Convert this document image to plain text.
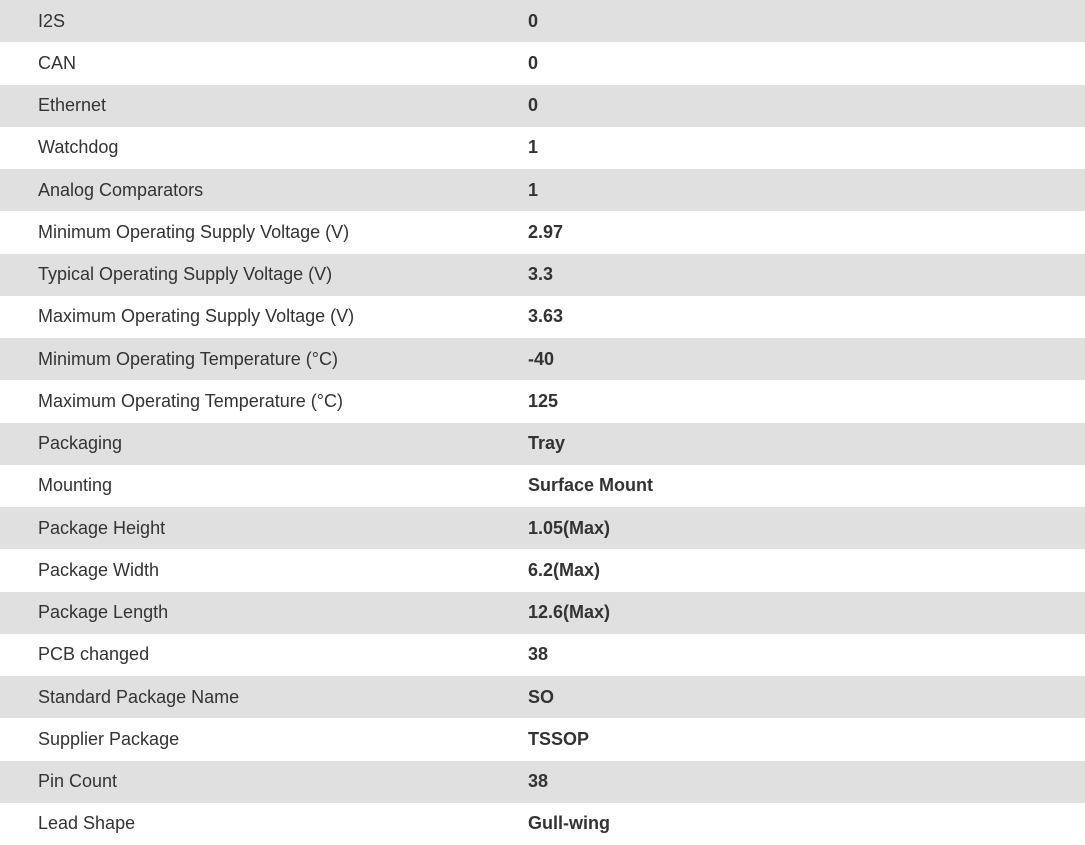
I2S	0
CAN	0
Ethernet	0
Watchdog	1
Analog Comparators	1
Minimum Operating Supply Voltage (V)	2.97
Typical Operating Supply Voltage (V)	3.3
Maximum Operating Supply Voltage (V)	3.63
Minimum Operating Temperature (°C)	-40
Maximum Operating Temperature (°C)	125
Packaging	Tray
Mounting	Surface Mount
Package Height	1.05(Max)
Package Width	6.2(Max)
Package Length	12.6(Max)
PCB changed	38
Standard Package Name	SO
Supplier Package	TSSOP
Pin Count	38
Lead Shape	Gull-wing
